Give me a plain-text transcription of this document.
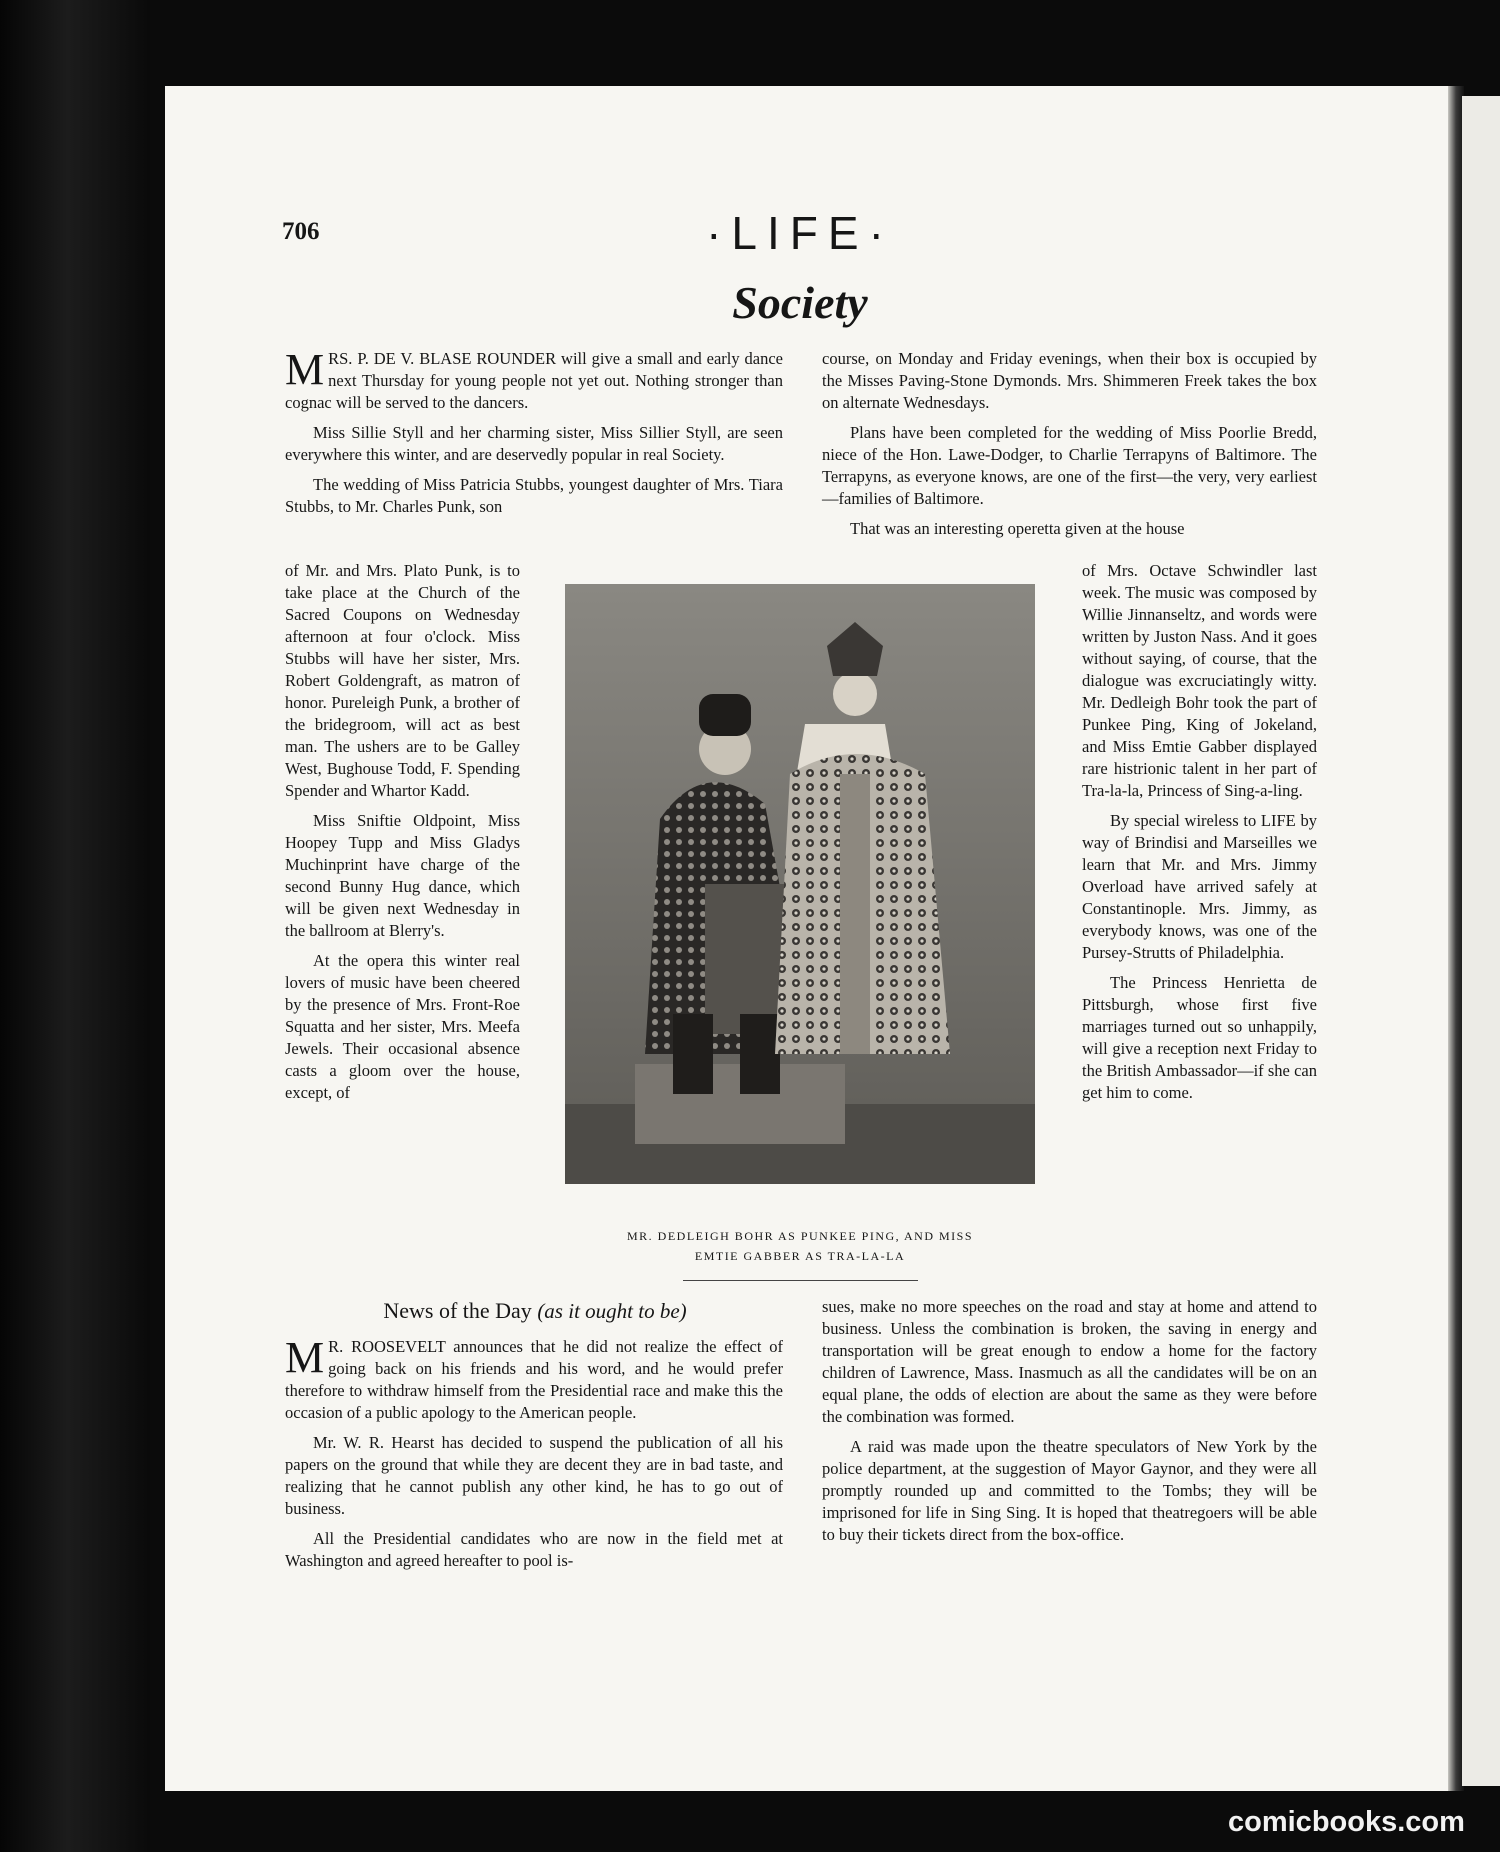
706	·LIFE·
Society

MRS. P. DE V. BLASE ROUNDER will give a small and early dance next Thursday for young people not yet out. Nothing stronger than cognac will be served to the dancers.

Miss Sillie Styll and her charming sister, Miss Sillier Styll, are seen everywhere this winter, and are deservedly popular in real Society.

The wedding of Miss Patricia Stubbs, youngest daughter of Mrs. Tiara Stubbs, to Mr. Charles Punk, son

of Mr. and Mrs. Plato Punk, is to take place at the Church of the Sacred Coupons on Wednesday afternoon at four o'clock. Miss Stubbs will have her sister, Mrs. Robert Goldengraft, as matron of honor. Pureleigh Punk, a brother of the bridegroom, will act as best man. The ushers are to be Galley West, Bughouse Todd, F. Spending Spender and Whartor Kadd.

Miss Sniftie Oldpoint, Miss Hoopey Tupp and Miss Gladys Muchinprint have charge of the second Bunny Hug dance, which will be given next Wednesday in the ballroom at Blerry's.

At the opera this winter real lovers of music have been cheered by the presence of Mrs. Front-Roe Squatta and her sister, Mrs. Meefa Jewels. Their occasional absence casts a gloom over the house, except, of

course, on Monday and Friday evenings, when their box is occupied by the Misses Paving-Stone Dymonds. Mrs. Shimmeren Freek takes the box on alternate Wednesdays.

Plans have been completed for the wedding of Miss Poorlie Bredd, niece of the Hon. Lawe-Dodger, to Charlie Terrapyns of Baltimore. The Terrapyns, as everyone knows, are one of the first—the very, very earliest—families of Baltimore.

That was an interesting operetta given at the house

of Mrs. Octave Schwindler last week. The music was composed by Willie Jinnanseltz, and words were written by Juston Nass. And it goes without saying, of course, that the dialogue was excruciatingly witty. Mr. Dedleigh Bohr took the part of Punkee Ping, King of Jokeland, and Miss Emtie Gabber displayed rare histrionic talent in her part of Tra-la-la, Princess of Sing-a-ling.

By special wireless to LIFE by way of Brindisi and Marseilles we learn that Mr. and Mrs. Jimmy Overload have arrived safely at Constantinople. Mrs. Jimmy, as everybody knows, was one of the Pursey-Strutts of Philadelphia.

The Princess Henrietta de Pittsburgh, whose first five marriages turned out so unhappily, will give a reception next Friday to the British Ambassador—if she can get him to come.

MR. DEDLEIGH BOHR AS PUNKEE PING, AND MISS
EMTIE GABBER AS TRA-LA-LA
News of the Day (as it ought to be)

M R. ROOSEVELT announces that he did not realize the effect of going back on his friends and his word, and he would prefer therefore to withdraw himself from the Presidential race and make this the occasion of a public apology to the American people.

Mr. W. R. Hearst has decided to suspend the publication of all his papers on the ground that while they are decent they are in bad taste, and realizing that he cannot publish any other kind, he has to go out of business.

All the Presidential candidates who are now in the field met at Washington and agreed hereafter to pool is-

sues, make no more speeches on the road and stay at home and attend to business. Unless the combination is broken, the saving in energy and transportation will be great enough to endow a home for the factory children of Lawrence, Mass. Inasmuch as all the candidates will be on an equal plane, the odds of election are about the same as they were before the combination was formed.

A raid was made upon the theatre speculators of New York by the police department, at the suggestion of Mayor Gaynor, and they were all promptly rounded up and committed to the Tombs; they will be imprisoned for life in Sing Sing. It is hoped that theatregoers will be able to buy their tickets direct from the box-office.

comicbooks.com
